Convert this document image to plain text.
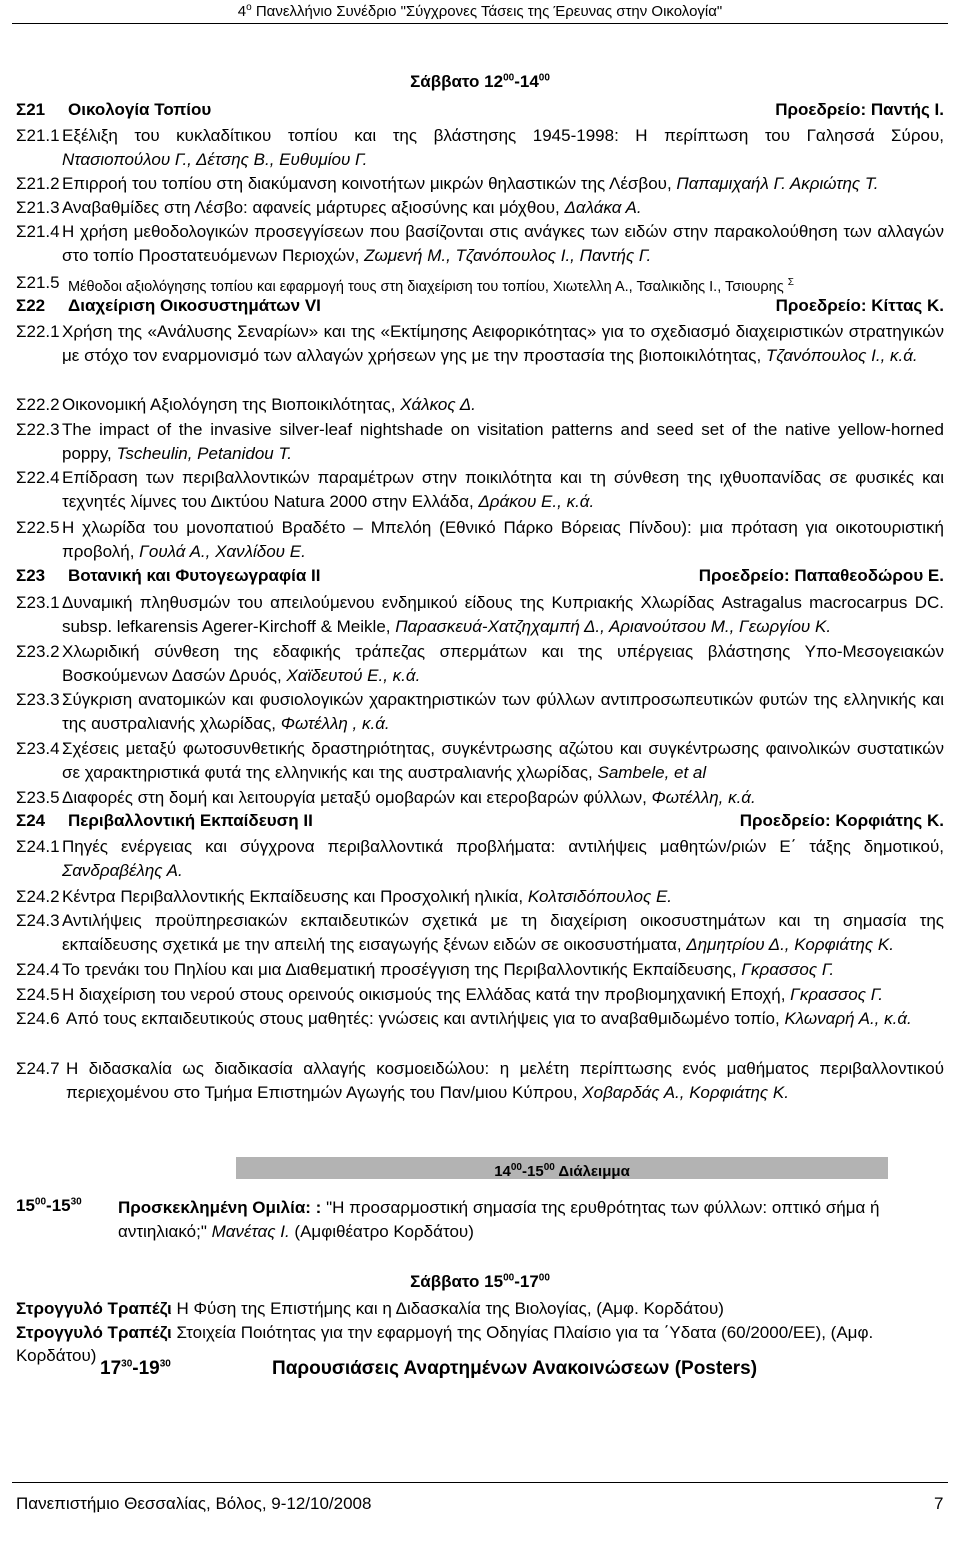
$4^o$ Πανελλήνιο Συνέδριο "Σύγχρονες Τάσεις της Έρευνας στην Οικολογία"
Σάββατο $12^{00}-14^{00}$
Σ21 Οικολογία Τοπίου	Προεδρείο: Παντής Ι.
Σ21.1 Εξέλιξη του κυκλαδίτικου τοπίου και της βλάστησης 1945-1998: Η περίπτωση του Γαλησσά Σύρου,
Ντασιοπούλου Γ., Δέτσης Β., Ευθυμίου Γ.
Σ21.2 Επιρροή του τοπίου στη διακύμανση κοινοτήτων μικρών θηλαστικών της Λέσβου, Παπαμιχαήλ Γ. Ακριώτης Τ.
Σ21.3 Αναβαθμίδες στη Λέσβο: αφανείς μάρτυρες αξιοσύνης και μόχθου, Δαλάκα Α.
Σ21.4 Η χρήση μεθοδολογικών προσεγγίσεων που βασίζονται στις ανάγκες των ειδών στην παρακολούθηση των αλλαγών στο τοπίο Προστατευόμενων Περιοχών, Ζωμενή Μ., Τζανόπουλος Ι., Παντής Γ.
Σ21.5 Μέθοδοι αξιολόγησης τοπίου και εφαρμογή τους στη διαχείριση του τοπίου, Χιωτελλη Α., Τσαλικιδης Ι., Τσιουρης $^\Sigma$
Σ22 Διαχείριση Οικοσυστημάτων VI	Προεδρείο: Κίττας Κ.
Σ22.1 Χρήση της «Ανάλυσης Σεναρίων» και της «Εκτίμησης Αειφορικότητας» για το σχεδιασμό διαχειριστικών στρατηγικών με στόχο τον εναρμονισμό των αλλαγών χρήσεων γης με την προστασία της βιοποικιλότητας, Τζανόπουλος Ι., κ.ά.
Σ22.2 Οικονομική Αξιολόγηση της Βιοποικιλότητας, Χάλκος Δ.
Σ22.3 The impact of the invasive silver-leaf nightshade on visitation patterns and seed set of the native yellow-horned poppy, Tscheulin, Petanidou T.
Σ22.4 Επίδραση των περιβαλλοντικών παραμέτρων στην ποικιλότητα και τη σύνθεση της ιχθυοπανίδας σε φυσικές και τεχνητές λίμνες του Δικτύου Natura 2000 στην Ελλάδα, Δράκου Ε., κ.ά.
Σ22.5 Η χλωρίδα του μονοπατιού Βραδέτο – Μπελόη (Εθνικό Πάρκο Βόρειας Πίνδου): μια πρόταση για οικοτουριστική προβολή, Γουλά Α., Χανλίδου Ε.
Σ23 Βοτανική και Φυτογεωγραφία ΙΙ	Προεδρείο: Παπαθεοδώρου Ε.
Σ23.1 Δυναμική πληθυσμών του απειλούμενου ενδημικού είδους της Κυπριακής Χλωρίδας Astragalus macrocarpus DC. subsp. lefkarensis Agerer-Kirchoff & Meikle, Παρασκευά-Χατζηχαμπή Δ., Αριανούτσου Μ., Γεωργίου Κ.
Σ23.2 Χλωριδική σύνθεση της εδαφικής τράπεζας σπερμάτων και της υπέργειας βλάστησης Υπο-Μεσογειακών Βοσκούμενων Δασών Δρυός, Χαϊδευτού Ε., κ.ά.
Σ23.3 Σύγκριση ανατομικών και φυσιολογικών χαρακτηριστικών των φύλλων αντιπροσωπευτικών φυτών της ελληνικής και της αυστραλιανής χλωρίδας, Φωτέλλη , κ.ά.
Σ23.4 Σχέσεις μεταξύ φωτοσυνθετικής δραστηριότητας, συγκέντρωσης αζώτου και συγκέντρωσης φαινολικών συστατικών σε χαρακτηριστικά φυτά της ελληνικής και της αυστραλιανής χλωρίδας, Sambele, et al
Σ23.5 Διαφορές στη δομή και λειτουργία μεταξύ ομοβαρών και ετεροβαρών φύλλων, Φωτέλλη, κ.ά.
Σ24 Περιβαλλοντική Εκπαίδευση ΙΙ	Προεδρείο: Κορφιάτης Κ.
Σ24.1 Πηγές ενέργειας και σύγχρονα περιβαλλοντικά προβλήματα: αντιλήψεις μαθητών/ριών Ε΄ τάξης δημοτικού, Σανδραβέλης Α.
Σ24.2 Κέντρα Περιβαλλοντικής Εκπαίδευσης και Προσχολική ηλικία, Κολτσιδόπουλος Ε.
Σ24.3 Αντιλήψεις προϋπηρεσιακών εκπαιδευτικών σχετικά με τη διαχείριση οικοσυστημάτων και τη σημασία της εκπαίδευσης σχετικά με την απειλή της εισαγωγής ξένων ειδών σε οικοσυστήματα, Δημητρίου Δ., Κορφιάτης Κ.
Σ24.4 Το τρενάκι του Πηλίου και μια Διαθεματική προσέγγιση της Περιβαλλοντικής Εκπαίδευσης, Γκρασσος Γ.
Σ24.5 Η διαχείριση του νερού στους ορεινούς οικισμούς της Ελλάδας κατά την προβιομηχανική Εποχή, Γκρασσος Γ.
Σ24.6 Από τους εκπαιδευτικούς στους μαθητές: γνώσεις και αντιλήψεις για το αναβαθμιδωμένο τοπίο, Κλωναρή Α., κ.ά.
Σ24.7 Η διδασκαλία ως διαδικασία αλλαγής κοσμοειδώλου: η μελέτη περίπτωσης ενός μαθήματος περιβαλλοντικού περιεχομένου στο Τμήμα Επιστημών Αγωγής του Παν/μιου Κύπρου, Χοβαρδάς Α., Κορφιάτης Κ.
$14^{00}-15^{00}$ Διάλειμμα
$15^{00}-15^{30}$ Προσκεκλημένη Ομιλία: : "Η προσαρμοστική σημασία της ερυθρότητας των φύλλων: οπτικό σήμα ή αντιηλιακό;" Μανέτας Ι. (Αμφιθέατρο Κορδάτου)
Σάββατο $15^{00}-17^{00}$
Στρογγυλό Τραπέζι Η Φύση της Επιστήμης και η Διδασκαλία της Βιολογίας, (Αμφ. Κορδάτου)
Στρογγυλό Τραπέζι Στοιχεία Ποιότητας για την εφαρμογή της Οδηγίας Πλαίσιο για τα ΄Υδατα (60/2000/ΕΕ), (Αμφ. Κορδάτου)
$17^{30}-19^{30}$	Παρουσιάσεις Αναρτημένων Ανακοινώσεων (Posters)
Πανεπιστήμιο Θεσσαλίας, Βόλος, 9-12/10/2008	7
